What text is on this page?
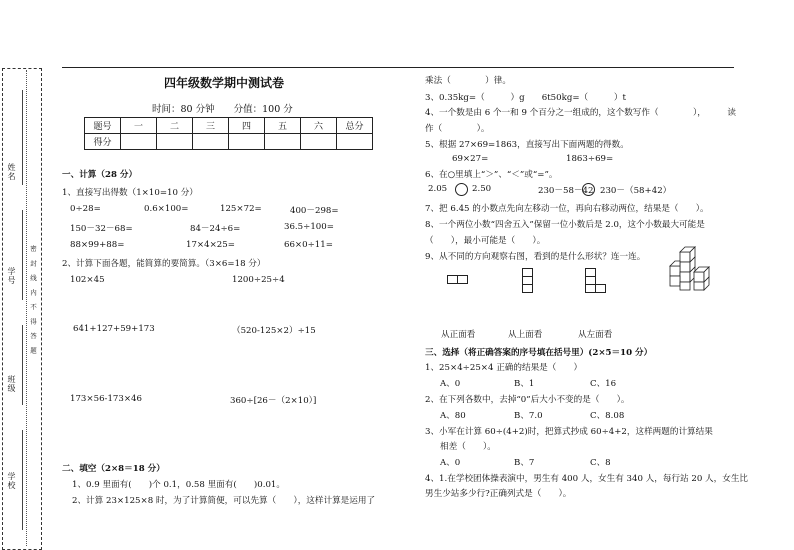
姓名
学号
班级
学校
密 封 线 内 不 得 答 题
四年级数学期中测试卷
时间：80 分钟　　分值：100 分
题号	一	二	三	四	五	六	总分
得分							
一、计算（28 分）
1、直接写出得数（1×10=10 分）
0÷28=	0.6×100=	125×72=	400－298=
150－32－68=	84－24÷6=	36.5÷100=
88×99+88=	17×4×25=	66×0÷11=
2、计算下面各题，能简算的要简算。（3×6=18 分）
102×45	1200÷25÷4
641+127+59+173	（520-125×2）÷15
173×56-173×46	360÷[26－（2×10）]
二、填空（2×8＝18 分）
1、0.9 里面有(　　)个 0.1，0.58 里面有(　　)0.01。
2、计算 23×125×8 时，为了计算简便，可以先算（　　），这样计算是运用了
乘法（　　　　）律。
3、0.35kg=（　　　）g　　6t50kg=（　　　）t
4、一个数是由 6 个一和 9 个百分之一组成的，这个数写作（　　　　），　　　读
作（　　　　）。
5、根据 27×69=1863，直接写出下面两题的得数。
69×27=	1863÷69=
6、在○里填上“＞”、“＜”或“=”。
2.05	2.50	230－58－42 230－（58+42）
7、把 6.45 的小数点先向左移动一位，再向右移动两位，结果是（　　）。
8、一个两位小数“四舍五入”保留一位小数后是 2.0，这个小数最大可能是
（　　），最小可能是（　　）。
9、从不同的方向观察右图，看到的是什么形状？连一连。
从正面看	从上面看	从左面看
三、选择（将正确答案的序号填在括号里）(2×5＝10 分）
1、25×4÷25×4 正确的结果是（　　）
A、0	B、1	C、16
2、在下列各数中，去掉“0”后大小不变的是（　　）。
A、80	B、7.0	C、8.08
3、小军在计算 60÷(4+2)时，把算式抄成 60÷4+2，这样两题的计算结果
相差（　　）。
A、0	B、7	C、8
4、1.在学校团体操表演中，男生有 400 人，女生有 340 人，每行站 20 人，女生比
男生少站多少行?正确列式是（　　）。
